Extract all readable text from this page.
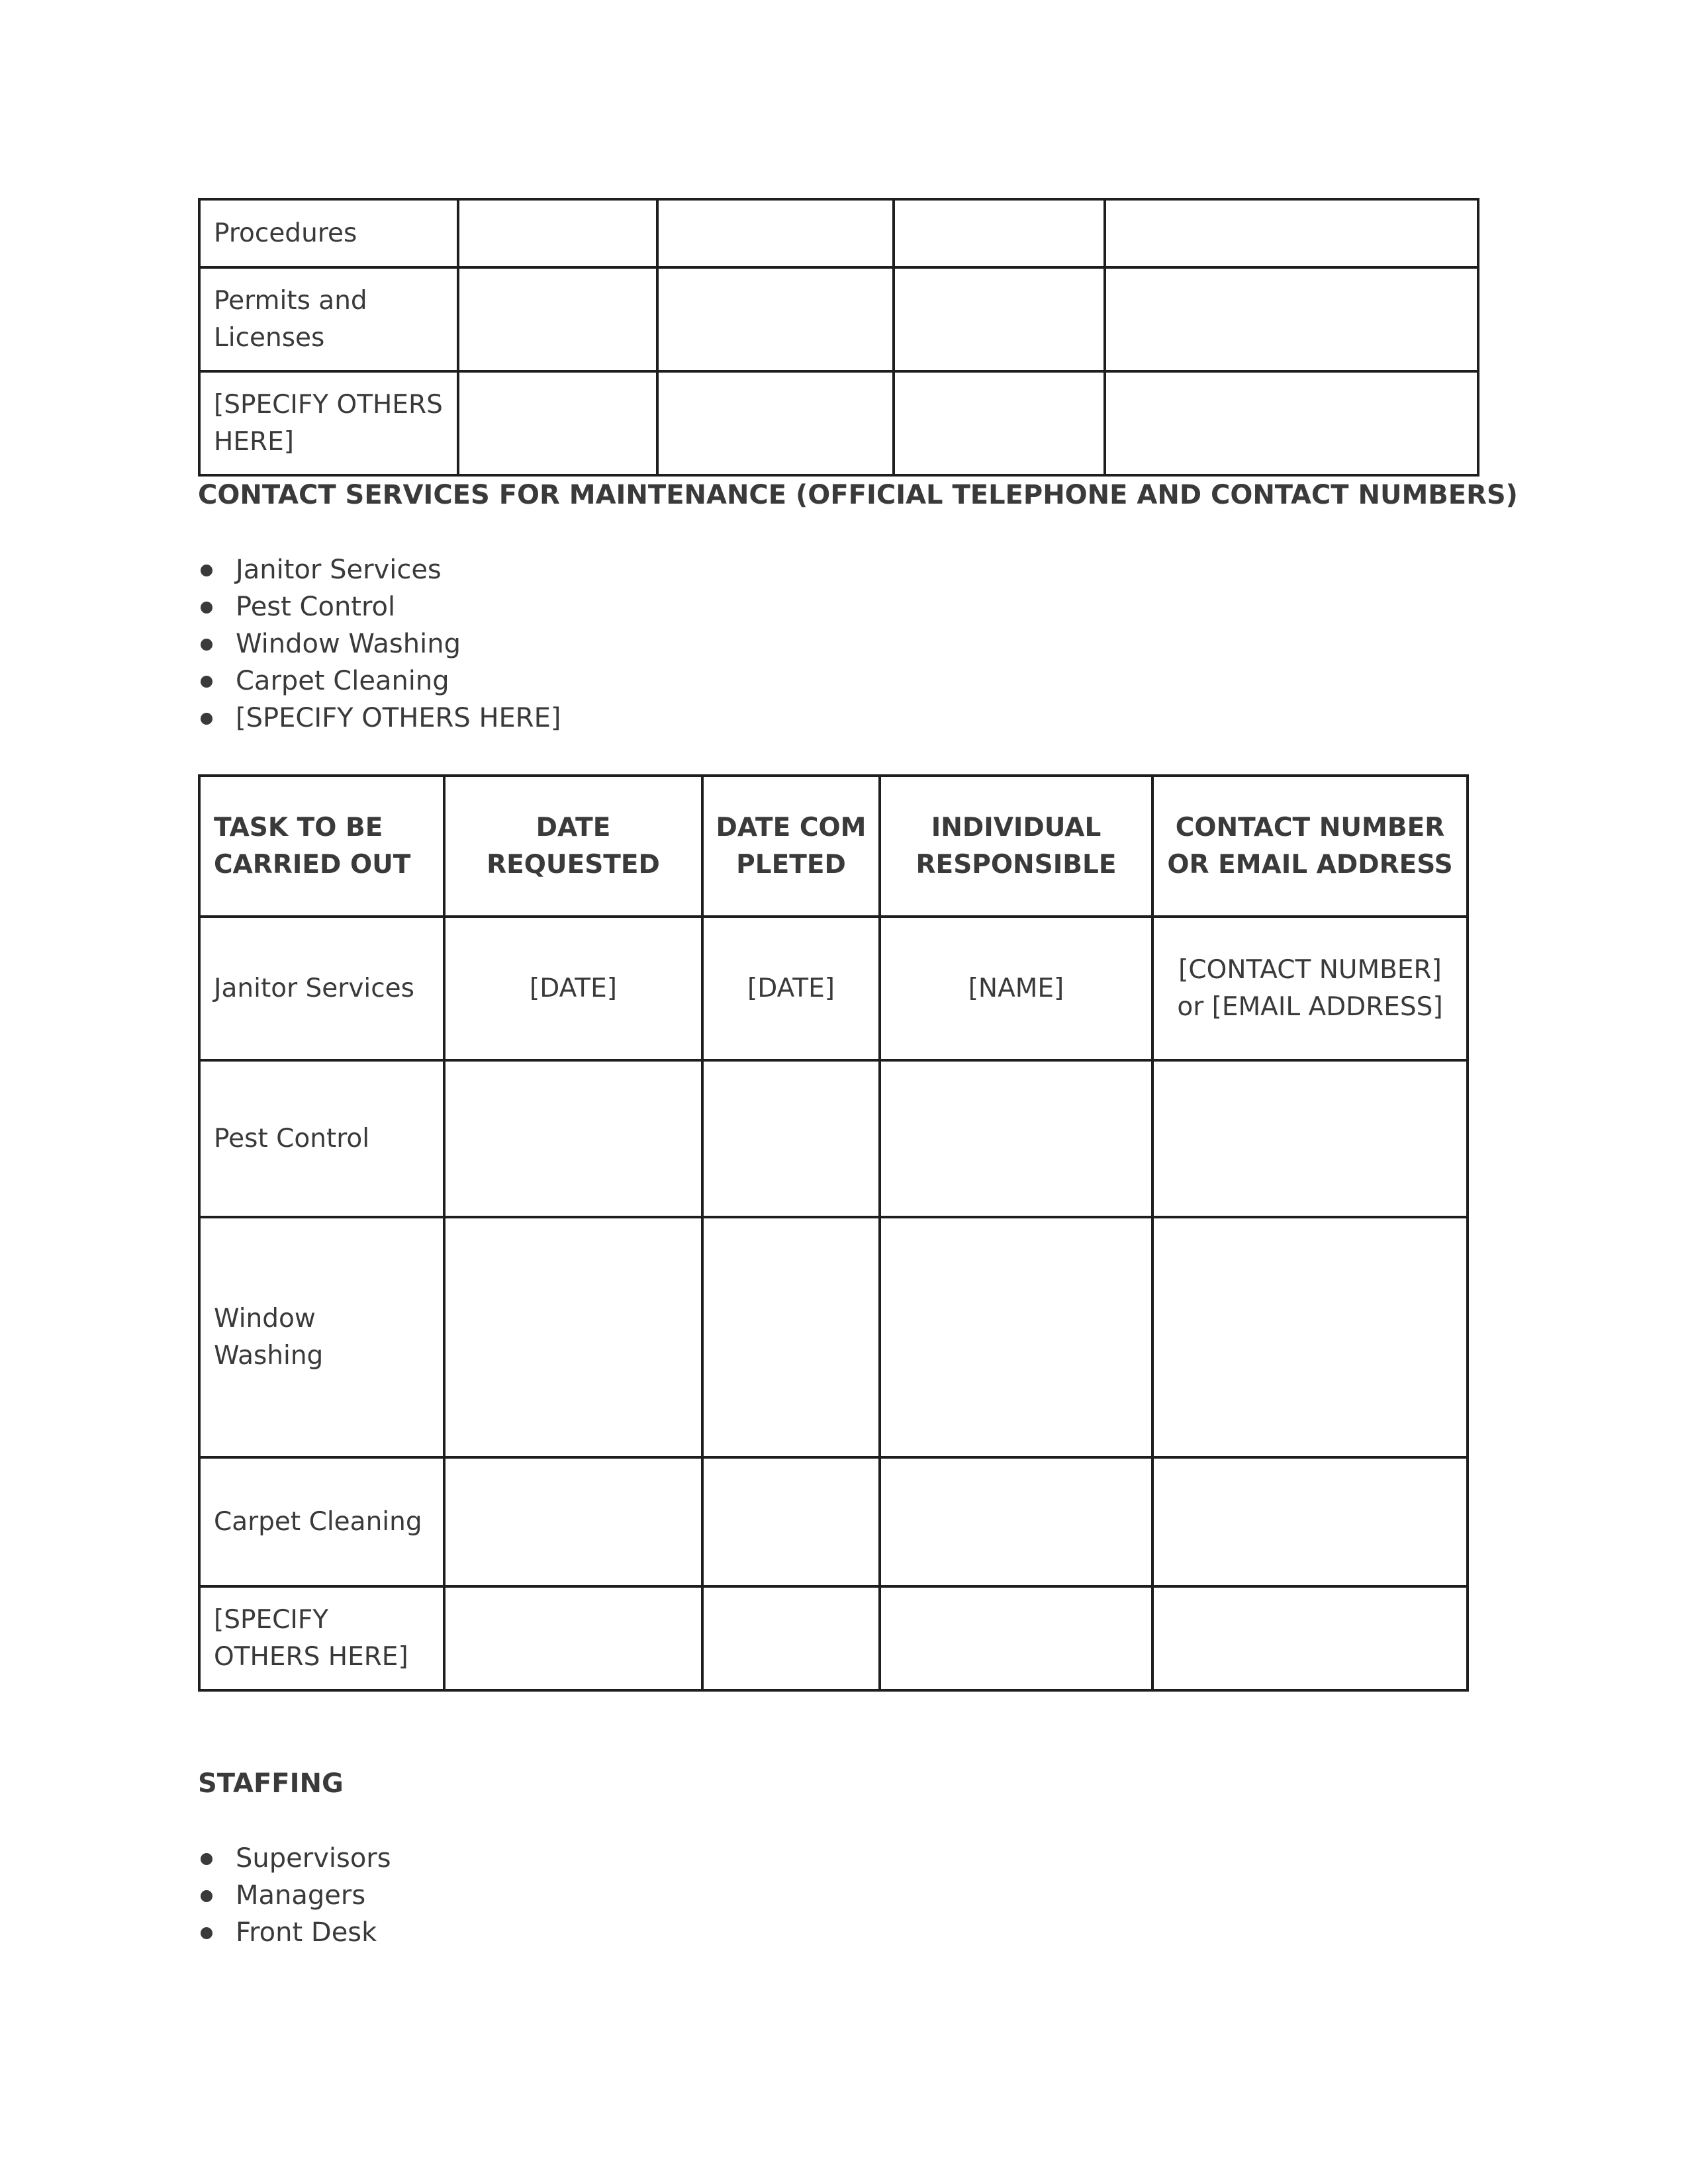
Procedures				
Permits and Licenses				
[SPECIFY OTHERS HERE]				

CONTACT SERVICES FOR MAINTENANCE (OFFICIAL TELEPHONE AND CONTACT NUMBERS)

Janitor Services
Pest Control
Window Washing
Carpet Cleaning
[SPECIFY OTHERS HERE]
TASK TO BE CARRIED OUT	DATE REQUESTED	DATE COMPLETED	INDIVIDUAL RESPONSIBLE	CONTACT NUMBER OR EMAIL ADDRESS
Janitor Services	[DATE]	[DATE]	[NAME]	[CONTACT NUMBER] or [EMAIL ADDRESS]
Pest Control				
Window Washing				
Carpet Cleaning				
[SPECIFY OTHERS HERE]				

STAFFING

Supervisors
Managers
Front Desk
